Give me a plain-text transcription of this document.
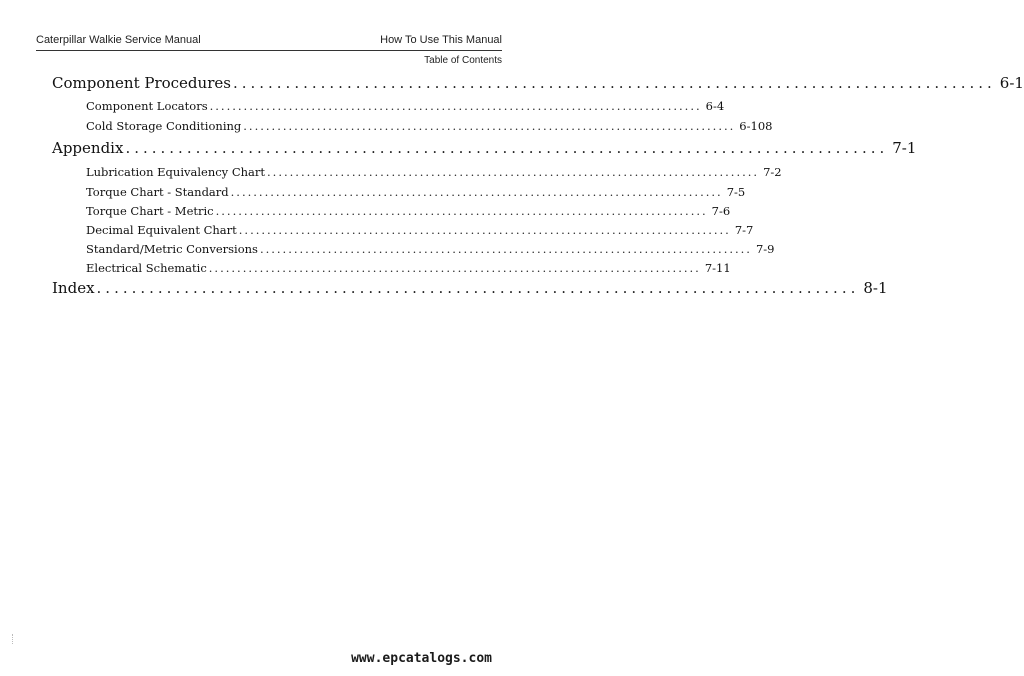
Caterpillar Walkie Service Manual	How To Use This Manual
Table of Contents
Component Procedures ....................................................................................... 6-1
Component Locators ....................................................................................... 6-4
Cold Storage Conditioning ....................................................................................... 6-108
Appendix ....................................................................................... 7-1
Lubrication Equivalency Chart ....................................................................................... 7-2
Torque Chart - Standard ....................................................................................... 7-5
Torque Chart - Metric ....................................................................................... 7-6
Decimal Equivalent Chart ....................................................................................... 7-7
Standard/Metric Conversions ....................................................................................... 7-9
Electrical Schematic ....................................................................................... 7-11
Index ....................................................................................... 8-1
www.epcatalogs.com
